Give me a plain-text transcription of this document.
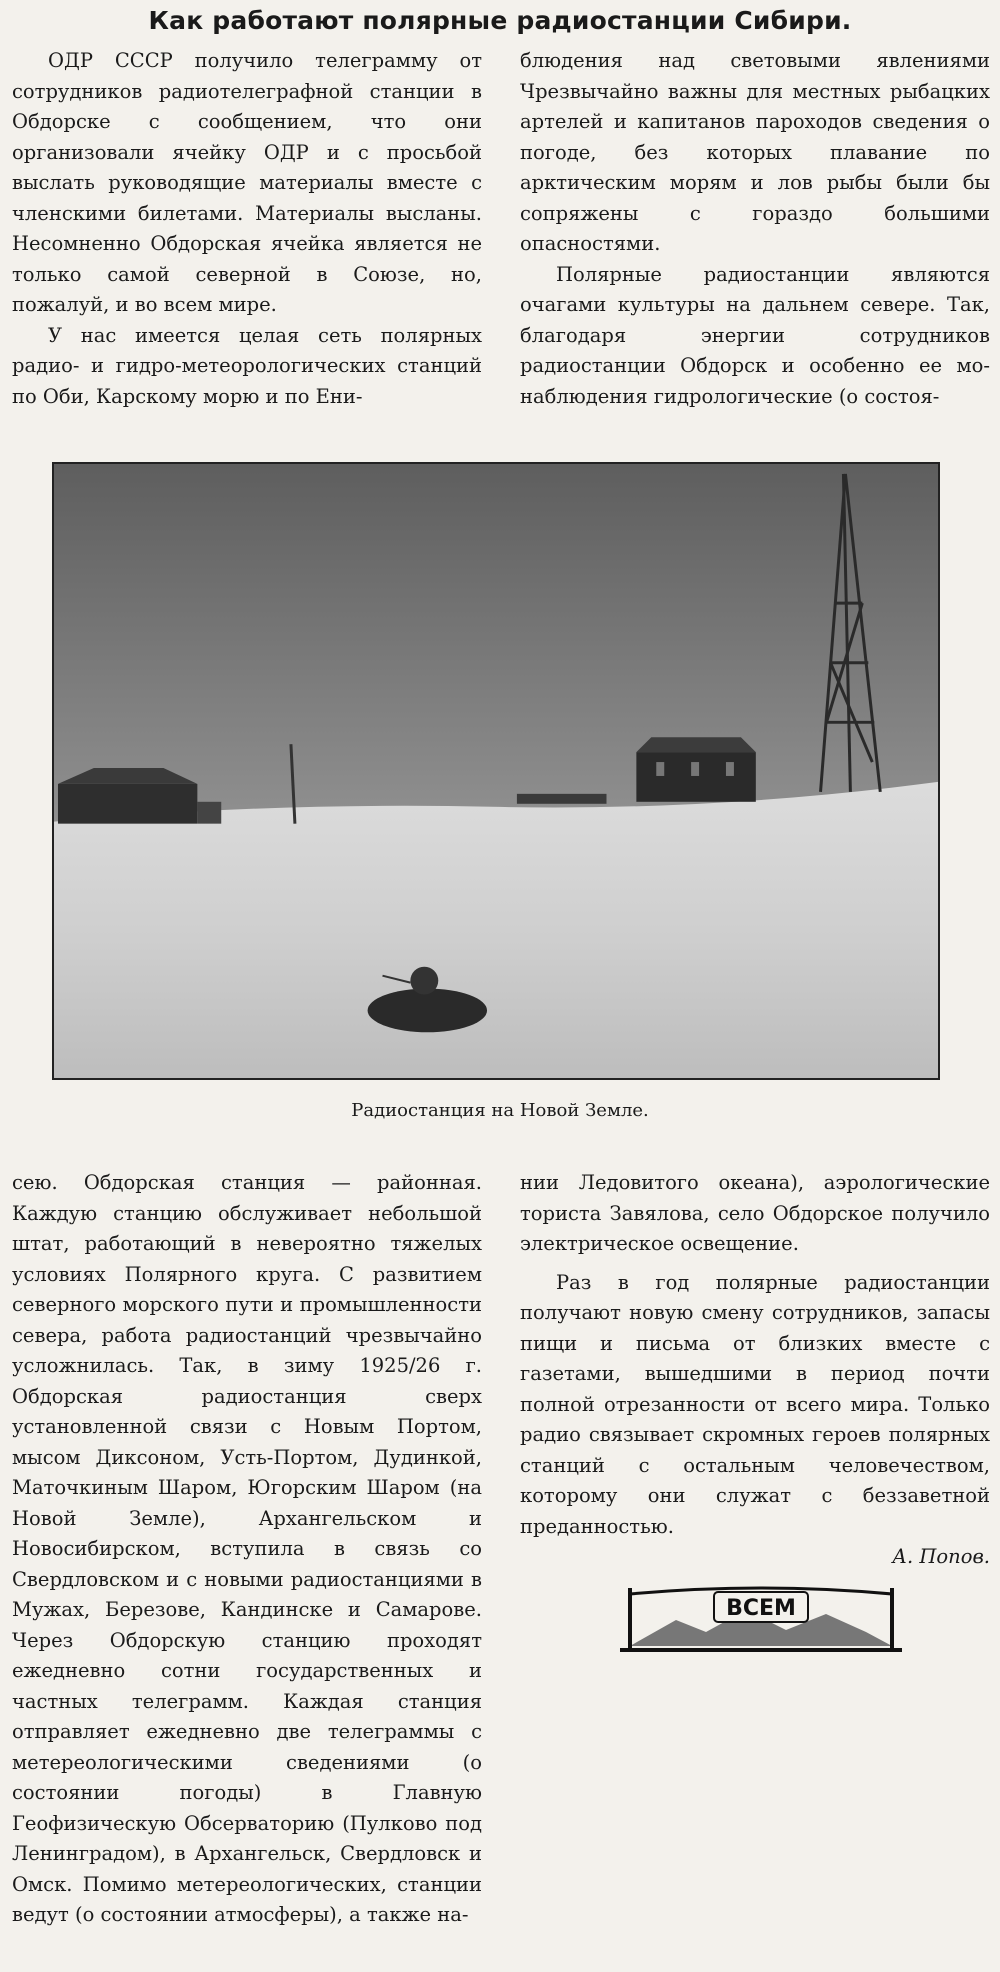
Как работают полярные радиостанции Сибири.

ОДР СССР получило телеграмму от сотрудников радиотелеграфной станции в Обдорске с сообщением, что они организовали ячейку ОДР и с просьбой выслать руководящие материалы вместе с членскими билетами. Материалы высланы. Несомненно Обдорская ячейка является не только самой северной в Союзе, но, пожалуй, и во всем мире.

У нас имеется целая сеть полярных радио- и гидро-метеорологических станций по Оби, Карскому морю и по Ени-

блюдения над световыми явлениями Чрезвычайно важны для местных рыбацких артелей и капитанов пароходов сведения о погоде, без которых плавание по арктическим морям и лов рыбы были бы сопряжены с гораздо большими опасностями.

Полярные радиостанции являются очагами культуры на дальнем севере. Так, благодаря энергии сотрудников радиостанции Обдорск и особенно ее мо-наблюдения гидрологические (о состоя-

Радиостанция на Новой Земле.

сею. Обдорская станция — районная. Каждую станцию обслуживает небольшой штат, работающий в невероятно тяжелых условиях Полярного круга. С развитием северного морского пути и промышленности севера, работа радиостанций чрезвычайно усложнилась. Так, в зиму 1925/26 г. Обдорская радиостанция сверх установленной связи с Новым Портом, мысом Диксоном, Усть-Портом, Дудинкой, Маточкиным Шаром, Югорским Шаром (на Новой Земле), Архангельском и Новосибирском, вступила в связь со Свердловском и с новыми радиостанциями в Мужах, Березове, Кандинске и Самарове. Через Обдорскую станцию проходят ежедневно сотни государственных и частных телеграмм. Каждая станция отправляет ежедневно две телеграммы с метереологическими сведениями (о состоянии погоды) в Главную Геофизическую Обсерваторию (Пулково под Ленинградом), в Архангельск, Свердловск и Омск. Помимо метереологических, станции ведут (о состоянии атмосферы), а также на-

нии Ледовитого океана), аэрологические ториста Завялова, село Обдорское получило электрическое освещение.

Раз в год полярные радиостанции получают новую смену сотрудников, запасы пищи и письма от близких вместе с газетами, вышедшими в период почти полной отрезанности от всего мира. Только радио связывает скромных героев полярных станций с остальным человечеством, которому они служат с беззаветной преданностью.

А. Попов.

ВСЕМ
